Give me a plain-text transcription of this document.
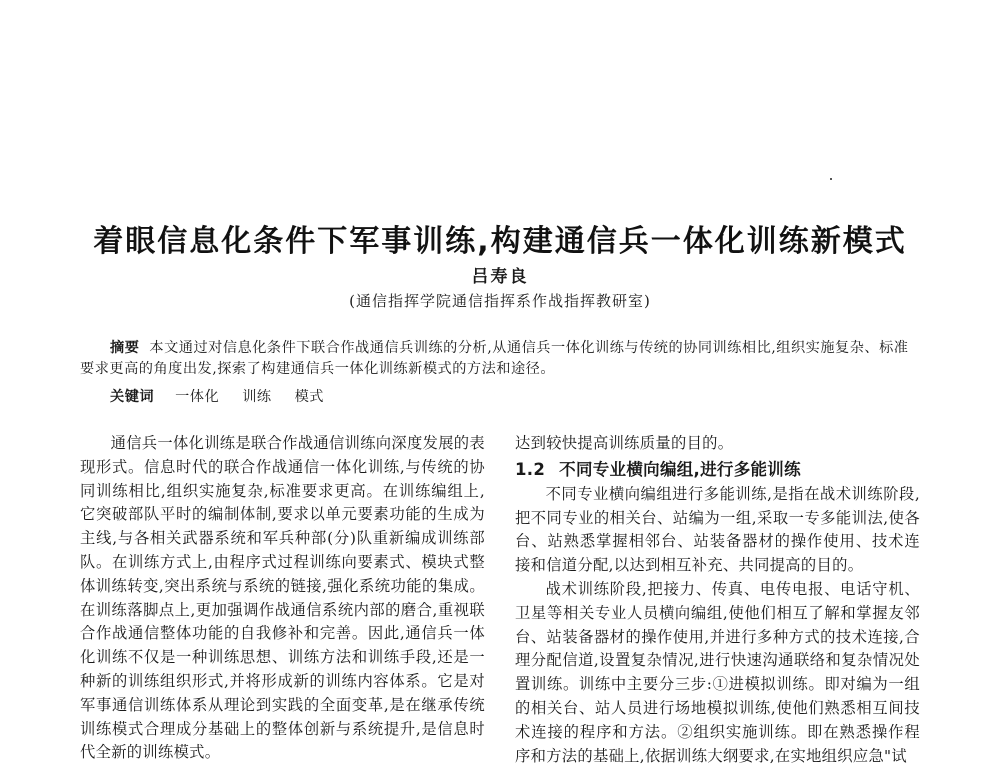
着眼信息化条件下军事训练,构建通信兵一体化训练新模式
吕寿良
(通信指挥学院通信指挥系作战指挥教研室)
摘要 本文通过对信息化条件下联合作战通信兵训练的分析,从通信兵一体化训练与传统的协同训练相比,组织实施复杂、标准要求更高的角度出发,探索了构建通信兵一体化训练新模式的方法和途径。
关键词 一体化 训练 模式

通信兵一体化训练是联合作战通信训练向深度发展的表现形式。信息时代的联合作战通信一体化训练,与传统的协同训练相比,组织实施复杂,标准要求更高。在训练编组上,它突破部队平时的编制体制,要求以单元要素功能的生成为主线,与各相关武器系统和军兵种部(分)队重新编成训练部队。在训练方式上,由程序式过程训练向要素式、模块式整体训练转变,突出系统与系统的链接,强化系统功能的集成。在训练落脚点上,更加强调作战通信系统内部的磨合,重视联合作战通信整体功能的自我修补和完善。因此,通信兵一体化训练不仅是一种训练思想、训练方法和训练手段,还是一种新的训练组织形式,并将形成新的训练内容体系。它是对军事通信训练体系从理论到实践的全面变革,是在继承传统训练模式合理成分基础上的整体创新与系统提升,是信息时代全新的训练模式。

达到较快提高训练质量的目的。

1.2 不同专业横向编组,进行多能训练

不同专业横向编组进行多能训练,是指在战术训练阶段,把不同专业的相关台、站编为一组,采取一专多能训法,使各台、站熟悉掌握相邻台、站装备器材的操作使用、技术连接和信道分配,以达到相互补充、共同提高的目的。

战术训练阶段,把接力、传真、电传电报、电话守机、卫星等相关专业人员横向编组,使他们相互了解和掌握友邻台、站装备器材的操作使用,并进行多种方式的技术连接,合理分配信道,设置复杂情况,进行快速沟通联络和复杂情况处置训练。训练中主要分三步:①进模拟训练。即对编为一组的相关台、站人员进行场地模拟训练,使他们熟悉相互间技术连接的程序和方法。②组织实施训练。即在熟悉操作程序和方法的基础上,依据训练大纲要求,在实地组织应急"试
